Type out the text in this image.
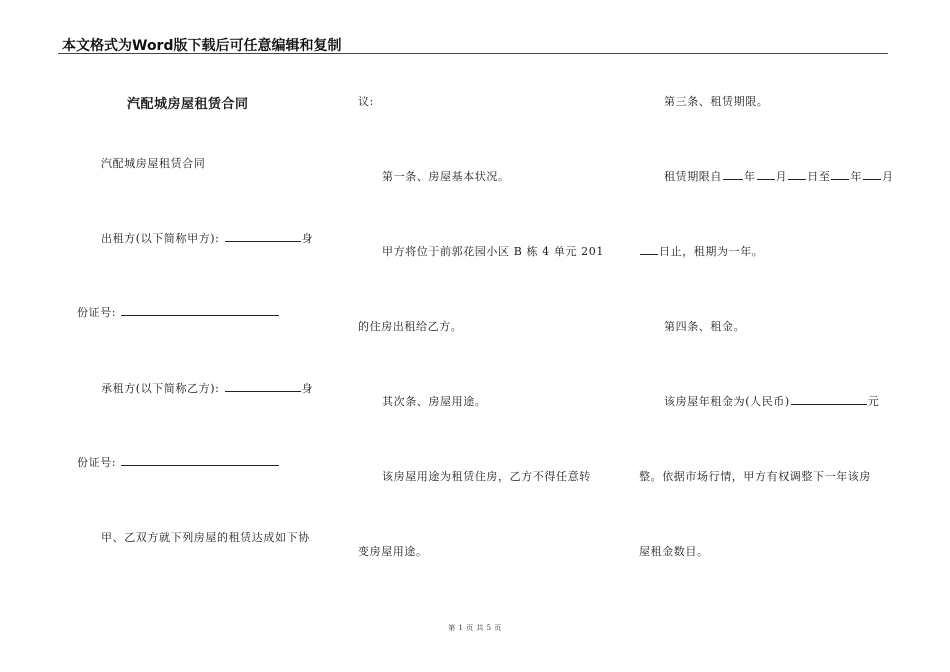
本文格式为Word版下载后可任意编辑和复制
汽配城房屋租赁合同
汽配城房屋租赁合同
出租方(以下简称甲方):	身
份证号:
承租方(以下简称乙方):	身
份证号:
甲、乙双方就下列房屋的租赁达成如下协
议:
第一条、房屋基本状况。
甲方将位于前郭花园小区 B 栋 4 单元 201
的住房出租给乙方。
其次条、房屋用途。
该房屋用途为租赁住房，乙方不得任意转
变房屋用途。
第三条、租赁期限。
租赁期限自 年 月 日至 年 月
日止，租期为一年。
第四条、租金。
该房屋年租金为(人民币)	元
整。依据市场行情，甲方有权调整下一年该房
屋租金数目。
第 1 页 共 5 页
